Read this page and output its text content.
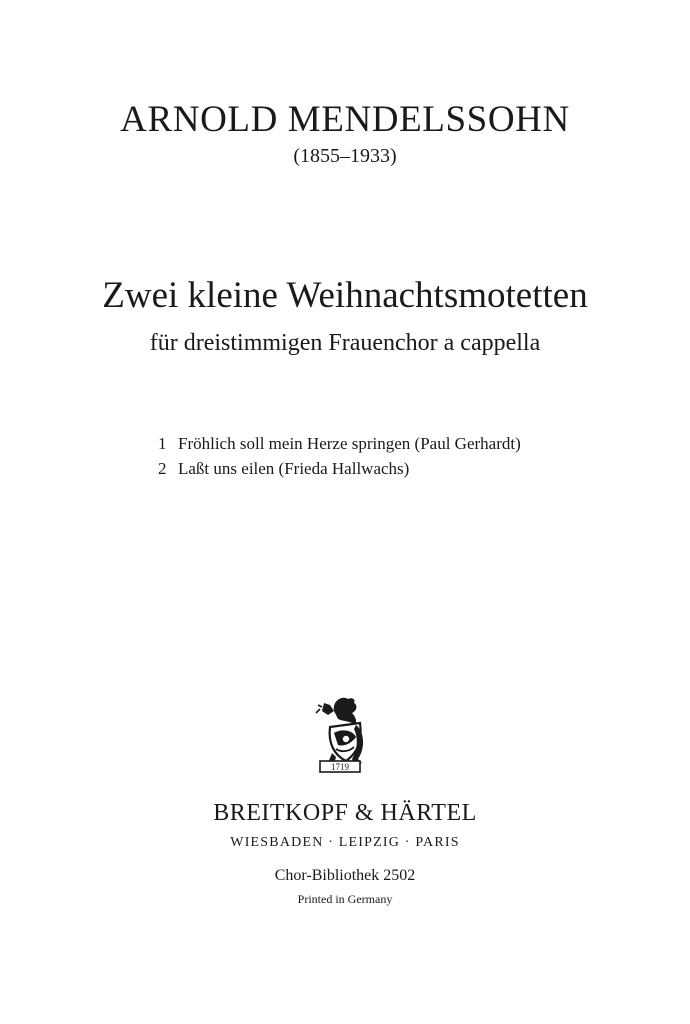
ARNOLD MENDELSSOHN
(1855–1933)
Zwei kleine Weihnachtsmotetten
für dreistimmigen Frauenchor a cappella
1 Fröhlich soll mein Herze springen (Paul Gerhardt)
2 Laßt uns eilen (Frieda Hallwachs)
1719
BREITKOPF & HÄRTEL
WIESBADEN · LEIPZIG · PARIS
Chor-Bibliothek 2502
Printed in Germany
